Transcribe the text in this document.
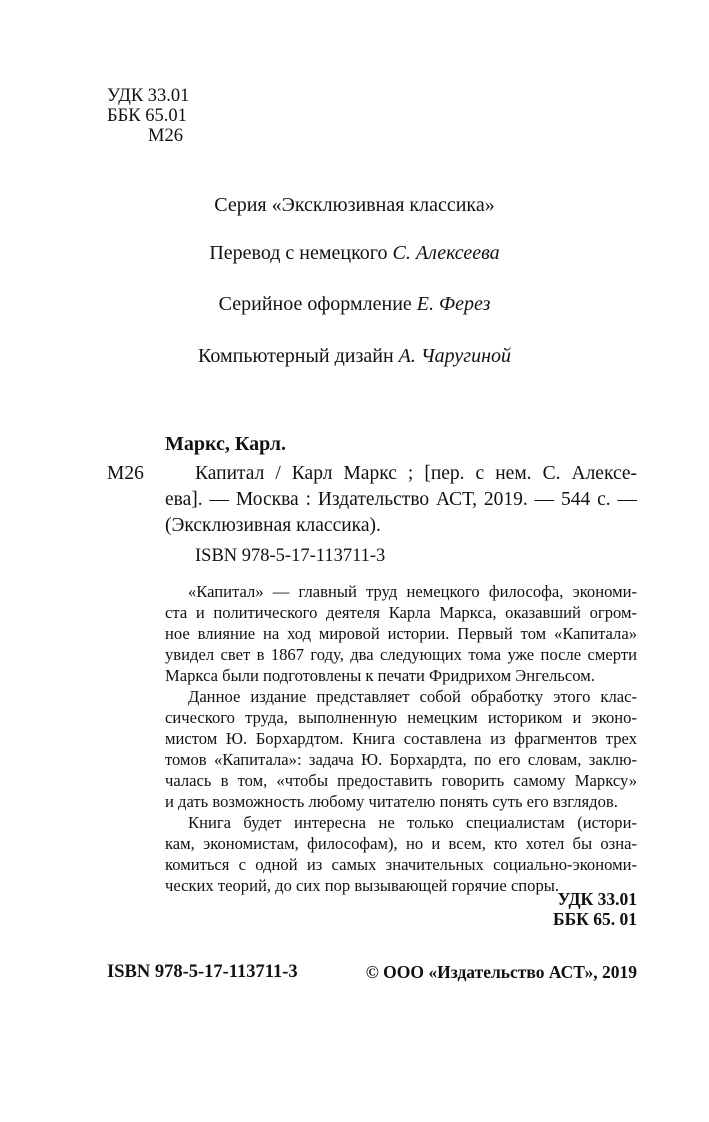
УДК 33.01
ББК 65.01
М26
Серия «Эксклюзивная классика»
Перевод с немецкого С. Алексеева
Серийное оформление Е. Ферез
Компьютерный дизайн А. Чаругиной
Маркс, Карл.
М26	Капитал / Карл Маркс ; [пер. с нем. С. Алексе-
ева]. — Москва : Издательство АСТ, 2019. — 544 с. —
(Эксклюзивная классика).
ISBN 978-5-17-113711-3
«Капитал» — главный труд немецкого философа, экономи-
ста и политического деятеля Карла Маркса, оказавший огром-
ное влияние на ход мировой истории. Первый том «Капитала»
увидел свет в 1867 году, два следующих тома уже после смерти
Маркса были подготовлены к печати Фридрихом Энгельсом.
Данное издание представляет собой обработку этого клас-
сического труда, выполненную немецким историком и эконо-
мистом Ю. Борхардтом. Книга составлена из фрагментов трех
томов «Капитала»: задача Ю. Борхардта, по его словам, заклю-
чалась в том, «чтобы предоставить говорить самому Марксу»
и дать возможность любому читателю понять суть его взглядов.
Книга будет интересна не только специалистам (истори-
кам, экономистам, философам), но и всем, кто хотел бы озна-
комиться с одной из самых значительных социально-экономи-
ческих теорий, до сих пор вызывающей горячие споры.
УДК 33.01
ББК 65. 01
ISBN 978-5-17-113711-3	© ООО «Издательство АСТ», 2019
